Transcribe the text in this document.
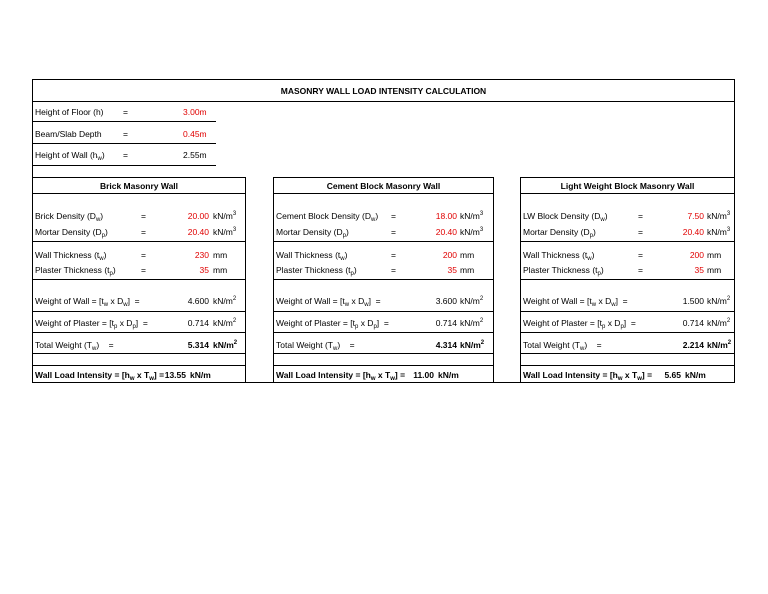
MASONRY WALL LOAD INTENSITY CALCULATION
Height of Floor (h) =	3.00m
Beam/Slab Depth	=	0.45m
Height of Wall $(h_w)$ =	2.55m
Brick Masonry Wall
Brick Density $(D_w)$	=	20.00 $kN/m^3$
Mortar Density $(D_p)$	=	20.40 $kN/m^3$
Wall Thickness $(t_w)$	=	230 mm
Plaster Thickness $(t_p)$	=	35 mm
Weight of Wall = [$t_w$ x $D_w$]  =	4.600 $kN/m^2$
Weight of Plaster = [$t_p$ x $D_p$]  =	0.714 $kN/m^2$
Total Weight $(T_w)$    =	5.314 $kN/m^2$
Wall Load Intensity = [$h_w$ x $T_w] = 13.55$ kN/m
Cement Block Masonry Wall
Cement Block Density $(D_w)$ =	18.00 $kN/m^3$
Mortar Density $(D_p)$	=	20.40 $kN/m^3$
Wall Thickness $(t_w)$	=	200 mm
Plaster Thickness $(t_p)$	=	35 mm
Weight of Wall = [$t_w$ x $D_w$]  =	3.600 $kN/m^2$
Weight of Plaster = [$t_p$ x $D_p$]  =	0.714 $kN/m^2$
Total Weight $(T_w)$    =	4.314 $kN/m^2$
Wall Load Intensity = [$h_w$ x $T_w] = 11.00$ kN/m
Light Weight Block Masonry Wall
LW Block Density $(D_w)$	=	7.50 $kN/m^3$
Mortar Density $(D_p)$	=	20.40 $kN/m^3$
Wall Thickness $(t_w)$	=	200 mm
Plaster Thickness $(t_p)$	=	35 mm
Weight of Wall = [$t_w$ x $D_w$]  =	1.500 $kN/m^2$
Weight of Plaster = [$t_p$ x $D_p$]  =	0.714 $kN/m^2$
Total Weight $(T_w)$    =	2.214 $kN/m^2$
Wall Load Intensity = [$h_w$ x $T_w$] =	5.65 kN/m
